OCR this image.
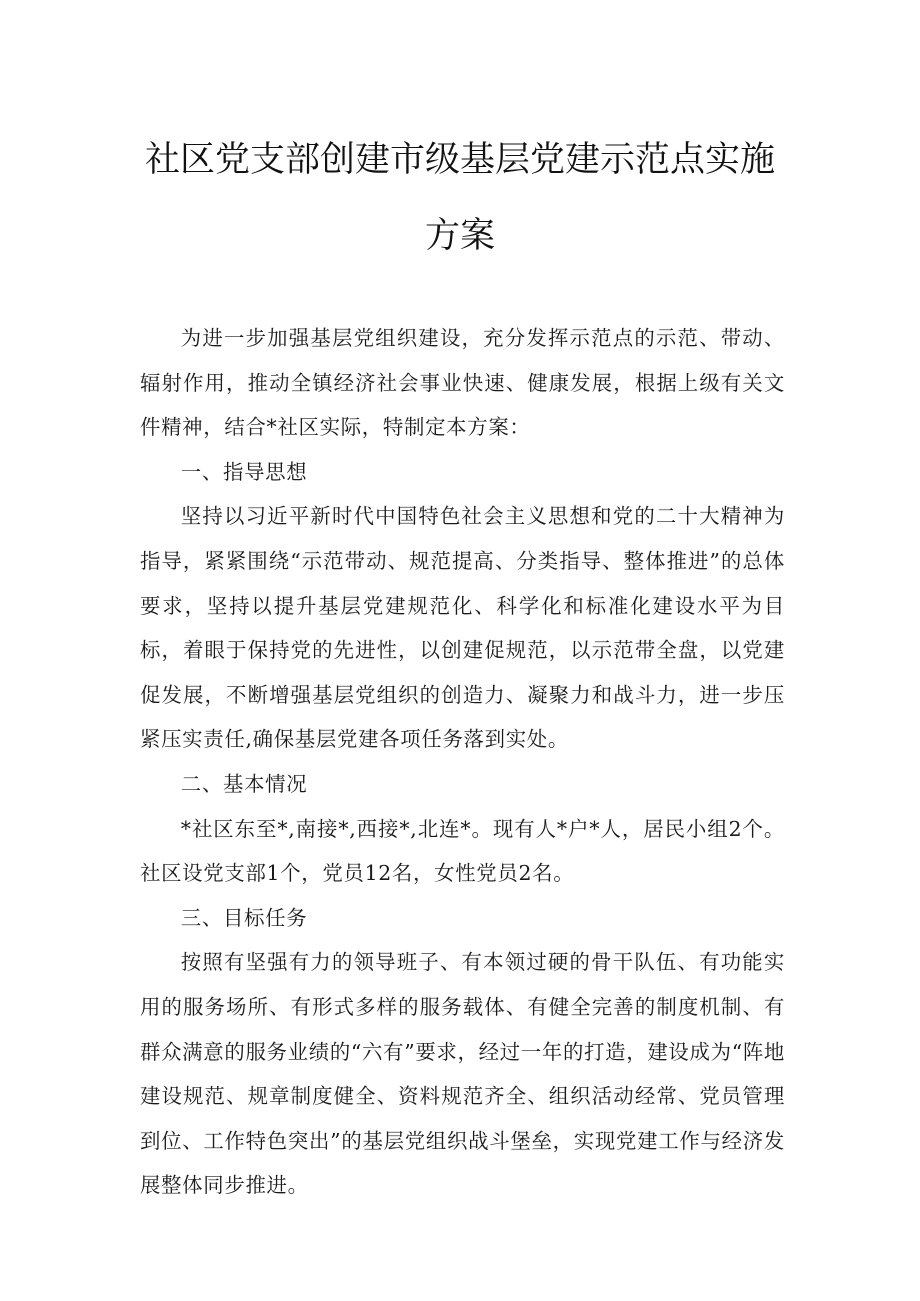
社区党支部创建市级基层党建示范点实施
方案

为进一步加强基层党组织建设，充分发挥示范点的示范、带动、辐射作用，推动全镇经济社会事业快速、健康发展，根据上级有关文件精神，结合*社区实际，特制定本方案：

一、指导思想

坚持以习近平新时代中国特色社会主义思想和党的二十大精神为指导，紧紧围绕“示范带动、规范提高、分类指导、整体推进”的总体要求，坚持以提升基层党建规范化、科学化和标准化建设水平为目标，着眼于保持党的先进性，以创建促规范，以示范带全盘，以党建促发展，不断增强基层党组织的创造力、凝聚力和战斗力，进一步压紧压实责任,确保基层党建各项任务落到实处。

二、基本情况

*社区东至*,南接*,西接*,北连*。现有人*户*人，居民小组2个。社区设党支部1个，党员12名，女性党员2名。

三、目标任务

按照有坚强有力的领导班子、有本领过硬的骨干队伍、有功能实用的服务场所、有形式多样的服务载体、有健全完善的制度机制、有群众满意的服务业绩的“六有”要求，经过一年的打造，建设成为“阵地建设规范、规章制度健全、资料规范齐全、组织活动经常、党员管理到位、工作特色突出”的基层党组织战斗堡垒，实现党建工作与经济发展整体同步推进。
